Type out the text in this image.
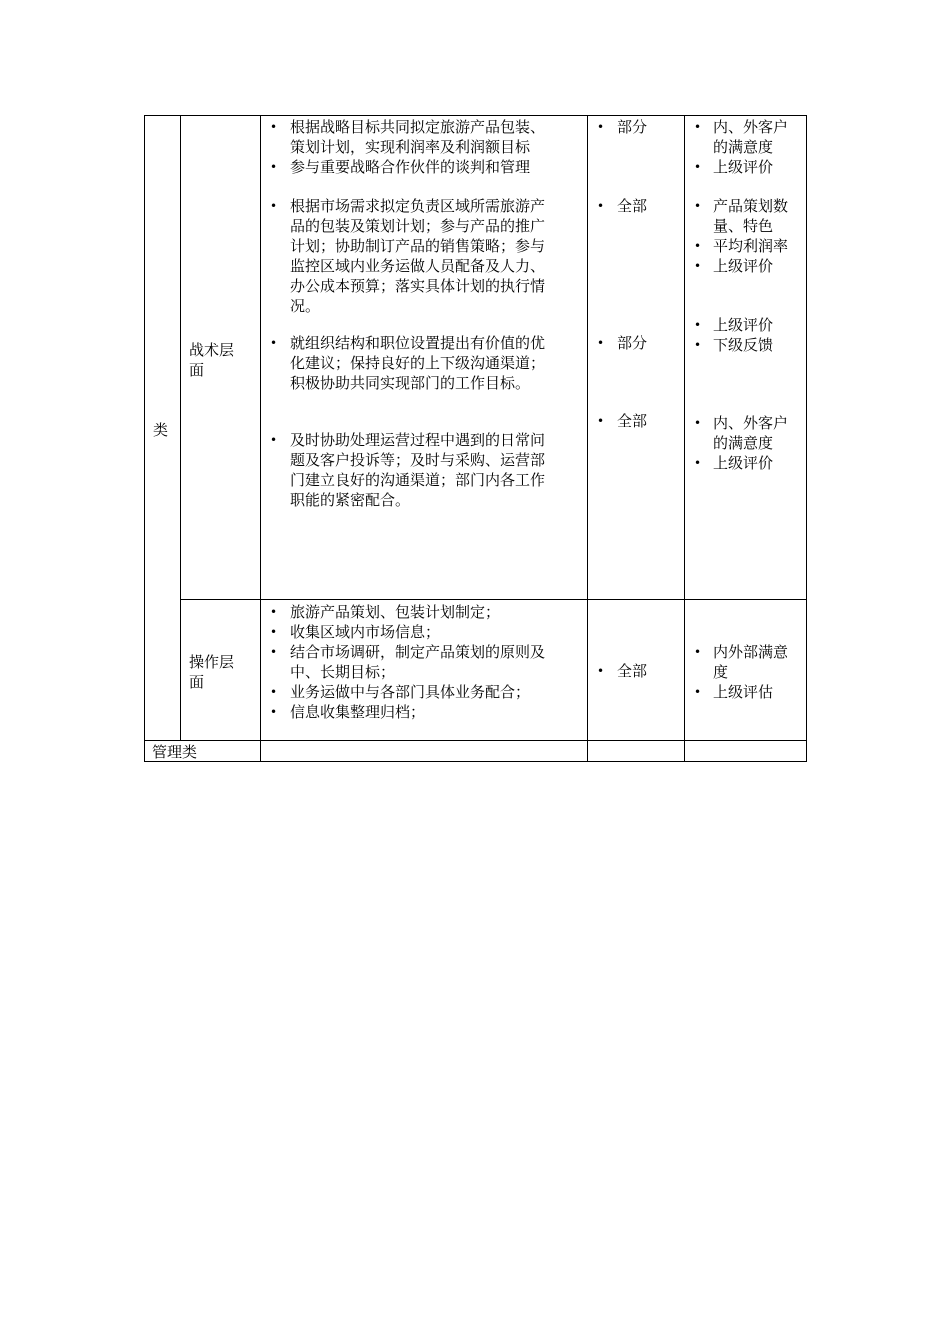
类
管理类
战术层
面
• 根据战略目标共同拟定旅游产品包装、
策划计划，实现利润率及利润额目标
• 参与重要战略合作伙伴的谈判和管理
• 根据市场需求拟定负责区域所需旅游产
品的包装及策划计划；参与产品的推广
计划；协助制订产品的销售策略；参与
监控区域内业务运做人员配备及人力、
办公成本预算；落实具体计划的执行情
况。
• 就组织结构和职位设置提出有价值的优
化建议；保持良好的上下级沟通渠道；
积极协助共同实现部门的工作目标。
• 及时协助处理运营过程中遇到的日常问
题及客户投诉等；及时与采购、运营部
门建立良好的沟通渠道；部门内各工作
职能的紧密配合。
• 部分
• 全部
• 部分
• 全部
• 内、外客户
的满意度
• 上级评价
• 产品策划数
量、特色
• 平均利润率
• 上级评价
• 上级评价
• 下级反馈
• 内、外客户
的满意度
• 上级评价
操作层
面
• 旅游产品策划、包装计划制定；
• 收集区域内市场信息；
• 结合市场调研，制定产品策划的原则及
中、长期目标；
• 业务运做中与各部门具体业务配合；
• 信息收集整理归档；
• 全部
• 内外部满意
度
• 上级评估
